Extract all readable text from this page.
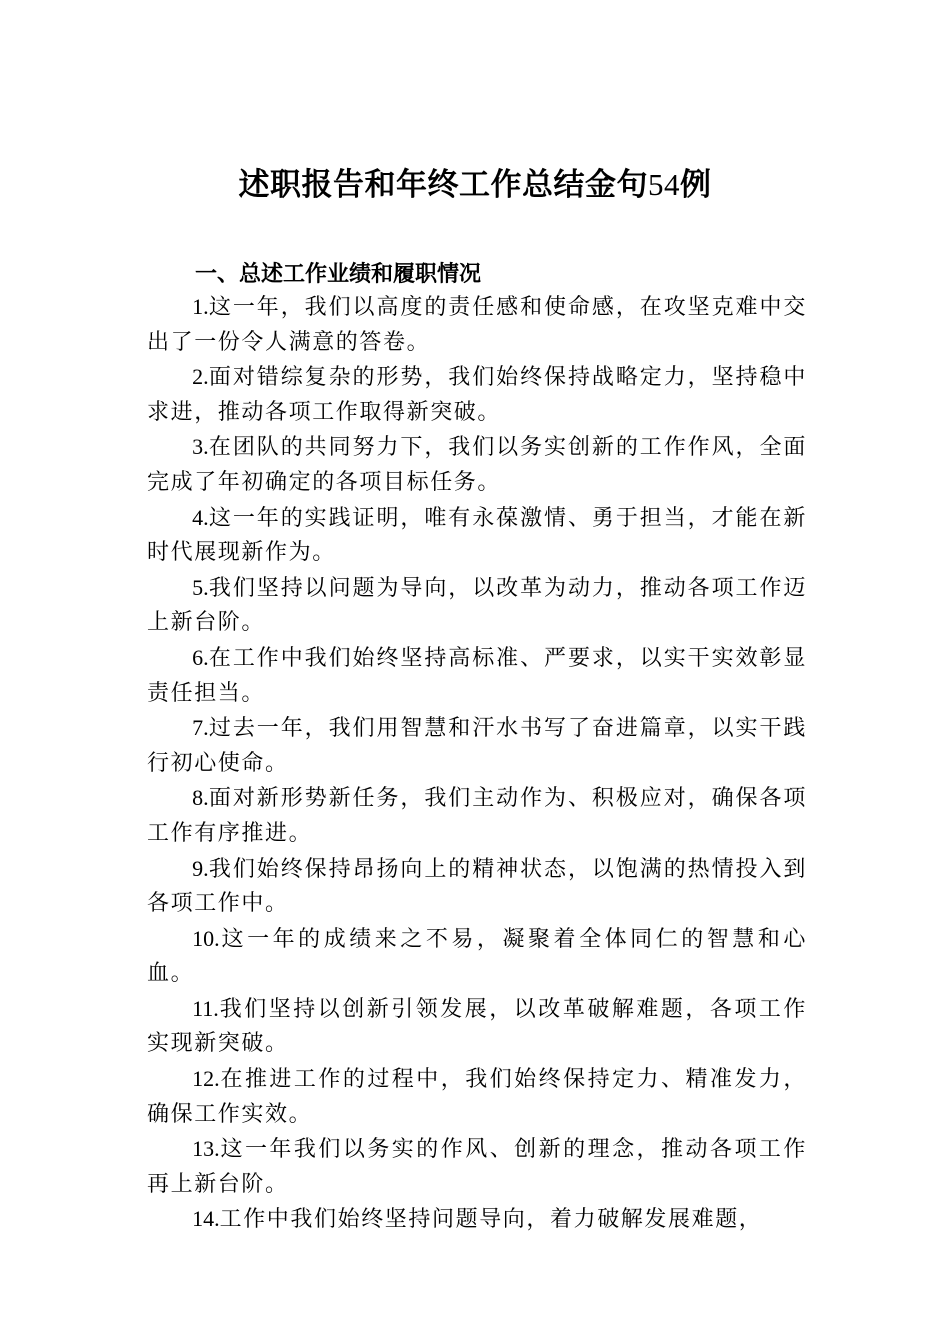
述职报告和年终工作总结金句54例
一、总述工作业绩和履职情况

1.这一年，我们以高度的责任感和使命感，在攻坚克难中交出了一份令人满意的答卷。

2.面对错综复杂的形势，我们始终保持战略定力，坚持稳中求进，推动各项工作取得新突破。

3.在团队的共同努力下，我们以务实创新的工作作风，全面完成了年初确定的各项目标任务。

4.这一年的实践证明，唯有永葆激情、勇于担当，才能在新时代展现新作为。

5.我们坚持以问题为导向，以改革为动力，推动各项工作迈上新台阶。

6.在工作中我们始终坚持高标准、严要求，以实干实效彰显责任担当。

7.过去一年，我们用智慧和汗水书写了奋进篇章，以实干践行初心使命。

8.面对新形势新任务，我们主动作为、积极应对，确保各项工作有序推进。

9.我们始终保持昂扬向上的精神状态，以饱满的热情投入到各项工作中。

10.这一年的成绩来之不易，凝聚着全体同仁的智慧和心血。

11.我们坚持以创新引领发展，以改革破解难题，各项工作实现新突破。

12.在推进工作的过程中，我们始终保持定力、精准发力，确保工作实效。

13.这一年我们以务实的作风、创新的理念，推动各项工作再上新台阶。

14.工作中我们始终坚持问题导向，着力破解发展难题，
